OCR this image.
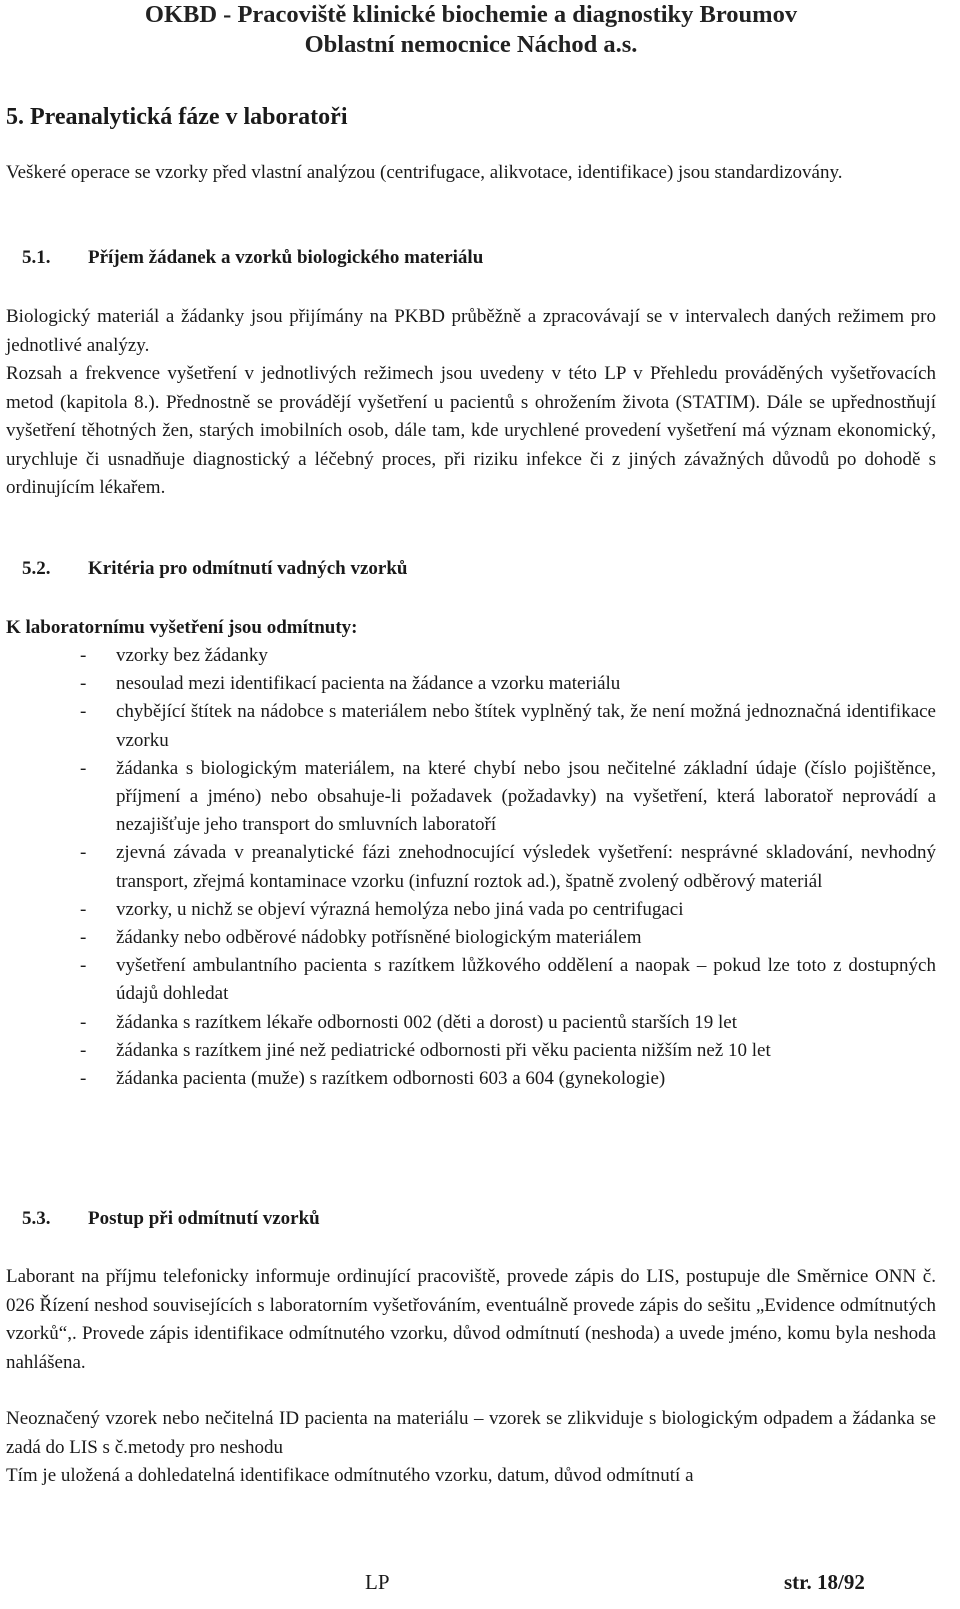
OKBD - Pracoviště klinické biochemie a diagnostiky Broumov

Oblastní nemocnice Náchod a.s.

5. Preanalytická fáze v laboratoři

Veškeré operace se vzorky před vlastní analýzou (centrifugace, alikvotace, identifikace) jsou standardizovány.

5.1. Příjem žádanek a vzorků biologického materiálu

Biologický materiál a žádanky jsou přijímány na PKBD průběžně a zpracovávají se v intervalech daných režimem pro jednotlivé analýzy.

Rozsah a frekvence vyšetření v jednotlivých režimech jsou uvedeny v této LP v Přehledu prováděných vyšetřovacích metod (kapitola 8.). Přednostně se provádějí vyšetření u pacientů s ohrožením života (STATIM). Dále se upřednostňují vyšetření těhotných žen, starých imobilních osob, dále tam, kde urychlené provedení vyšetření má význam ekonomický, urychluje či usnadňuje diagnostický a léčebný proces, při riziku infekce či z jiných závažných důvodů po dohodě s ordinujícím lékařem.

5.2. Kritéria pro odmítnutí vadných vzorků

K laboratornímu vyšetření jsou odmítnuty:

- vzorky bez žádanky
- nesoulad mezi identifikací pacienta na žádance a vzorku materiálu
- chybějící štítek na nádobce s materiálem nebo štítek vyplněný tak, že není možná jednoznačná identifikace vzorku
- žádanka s biologickým materiálem, na které chybí nebo jsou nečitelné základní údaje (číslo pojištěnce, příjmení a jméno) nebo obsahuje-li požadavek (požadavky) na vyšetření, která laboratoř neprovádí a nezajišťuje jeho transport do smluvních laboratoří
- zjevná závada v preanalytické fázi znehodnocující výsledek vyšetření: nesprávné skladování, nevhodný transport, zřejmá kontaminace vzorku (infuzní roztok ad.), špatně zvolený odběrový materiál
- vzorky, u nichž se objeví výrazná hemolýza nebo jiná vada po centrifugaci
- žádanky nebo odběrové nádobky potřísněné biologickým materiálem
- vyšetření ambulantního pacienta s razítkem lůžkového oddělení a naopak – pokud lze toto z dostupných údajů dohledat
- žádanka s razítkem lékaře odbornosti 002 (děti a dorost) u pacientů starších 19 let
- žádanka s razítkem jiné než pediatrické odbornosti při věku pacienta nižším než 10 let
- žádanka pacienta (muže) s razítkem odbornosti 603 a 604 (gynekologie)
5.3. Postup při odmítnutí vzorků

Laborant na příjmu telefonicky informuje ordinující pracoviště, provede zápis do LIS, postupuje dle Směrnice ONN č. 026 Řízení neshod souvisejících s laboratorním vyšetřováním, eventuálně provede zápis do sešitu „Evidence odmítnutých vzorků“,. Provede zápis identifikace odmítnutého vzorku, důvod odmítnutí (neshoda) a uvede jméno, komu byla neshoda nahlášena.

Neoznačený vzorek nebo nečitelná ID pacienta na materiálu – vzorek se zlikviduje s biologickým odpadem a žádanka se zadá do LIS s č.metody pro neshodu

Tím je uložená a dohledatelná identifikace odmítnutého vzorku, datum, důvod odmítnutí a

LP	str. 18/92
